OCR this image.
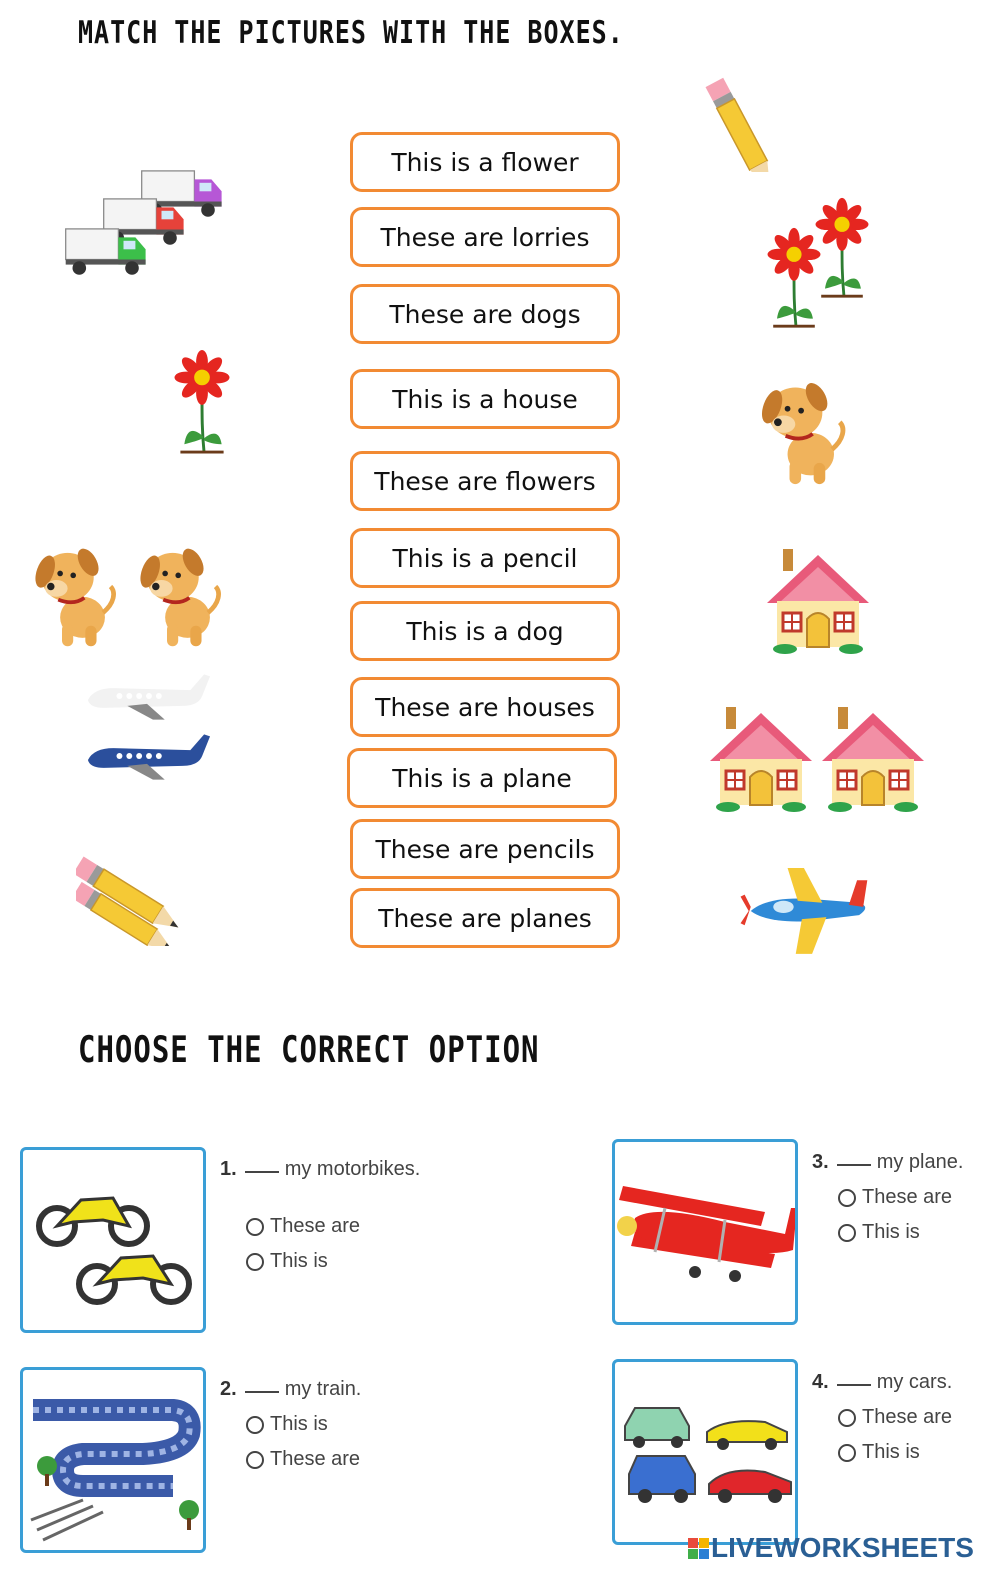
MATCH THE PICTURES WITH THE BOXES.
This is a flower
These are lorries
These are dogs
This is a house
These are flowers
This is a pencil
This is a dog
These are houses
This is a plane
These are pencils
These are planes
CHOOSE THE CORRECT OPTION
1. my motorbikes.
These are
This is
2. my train.
This is
These are
3. my plane.
These are
This is
4. my cars.
These are
This is
LIVEWORKSHEETS
